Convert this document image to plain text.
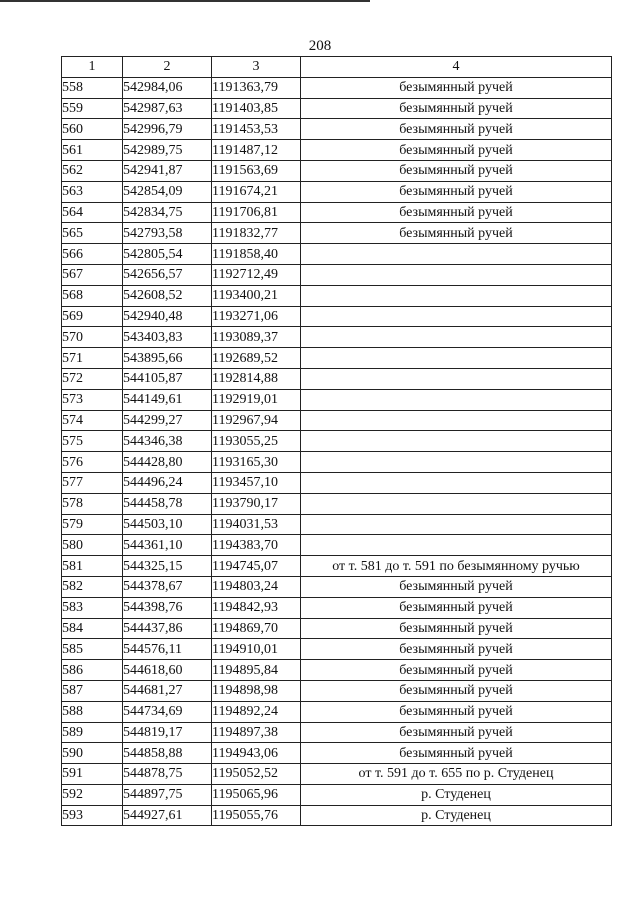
208
1	2	3	4
558	542984,06	1191363,79	безымянный ручей
559	542987,63	1191403,85	безымянный ручей
560	542996,79	1191453,53	безымянный ручей
561	542989,75	1191487,12	безымянный ручей
562	542941,87	1191563,69	безымянный ручей
563	542854,09	1191674,21	безымянный ручей
564	542834,75	1191706,81	безымянный ручей
565	542793,58	1191832,77	безымянный ручей
566	542805,54	1191858,40	
567	542656,57	1192712,49	
568	542608,52	1193400,21	
569	542940,48	1193271,06	
570	543403,83	1193089,37	
571	543895,66	1192689,52	
572	544105,87	1192814,88	
573	544149,61	1192919,01	
574	544299,27	1192967,94	
575	544346,38	1193055,25	
576	544428,80	1193165,30	
577	544496,24	1193457,10	
578	544458,78	1193790,17	
579	544503,10	1194031,53	
580	544361,10	1194383,70	
581	544325,15	1194745,07	от т. 581 до т. 591 по безымянному ручью
582	544378,67	1194803,24	безымянный ручей
583	544398,76	1194842,93	безымянный ручей
584	544437,86	1194869,70	безымянный ручей
585	544576,11	1194910,01	безымянный ручей
586	544618,60	1194895,84	безымянный ручей
587	544681,27	1194898,98	безымянный ручей
588	544734,69	1194892,24	безымянный ручей
589	544819,17	1194897,38	безымянный ручей
590	544858,88	1194943,06	безымянный ручей
591	544878,75	1195052,52	от т. 591 до т. 655 по р. Студенец
592	544897,75	1195065,96	р. Студенец
593	544927,61	1195055,76	р. Студенец
